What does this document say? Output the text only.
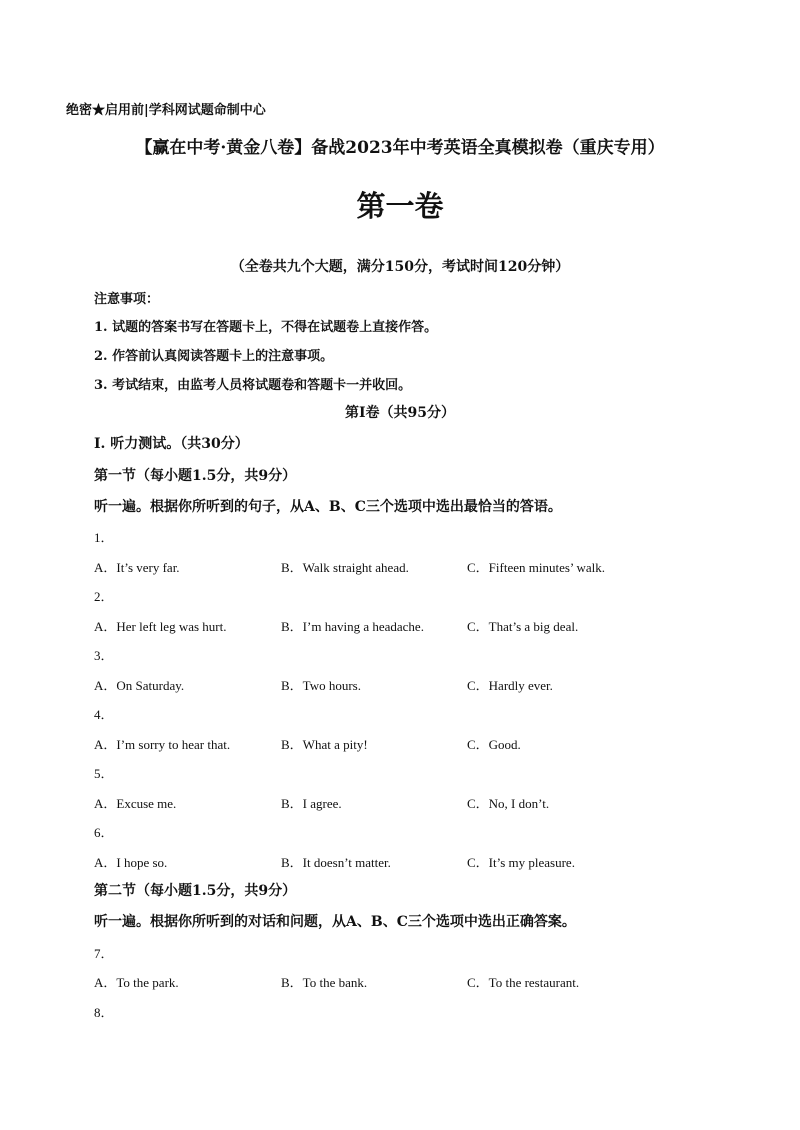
绝密★启用前|学科网试题命制中心
【赢在中考·黄金八卷】备战2023年中考英语全真模拟卷（重庆专用）
第一卷
（全卷共九个大题，满分150分，考试时间120分钟）
注意事项：
1. 试题的答案书写在答题卡上，不得在试题卷上直接作答。
2. 作答前认真阅读答题卡上的注意事项。
3. 考试结束，由监考人员将试题卷和答题卡一并收回。
第Ⅰ卷（共95分）
I. 听力测试。（共30分）
第一节（每小题1.5分，共9分）
听一遍。根据你所听到的句子，从A、B、C三个选项中选出最恰当的答语。
1．
A．It’s very far.	B．Walk straight ahead.	C．Fifteen minutes’ walk.
2．
A．Her left leg was hurt.	B．I’m having a headache.	C．That’s a big deal.
3．
A．On Saturday.	B．Two hours.	C．Hardly ever.
4．
A．I’m sorry to hear that.	B．What a pity!	C．Good.
5．
A．Excuse me.	B．I agree.	C．No, I don’t.
6．
A．I hope so.	B．It doesn’t matter.	C．It’s my pleasure.
第二节（每小题1.5分，共9分）
听一遍。根据你所听到的对话和问题，从A、B、C三个选项中选出正确答案。
7．
A．To the park.	B．To the bank.	C．To the restaurant.
8．
